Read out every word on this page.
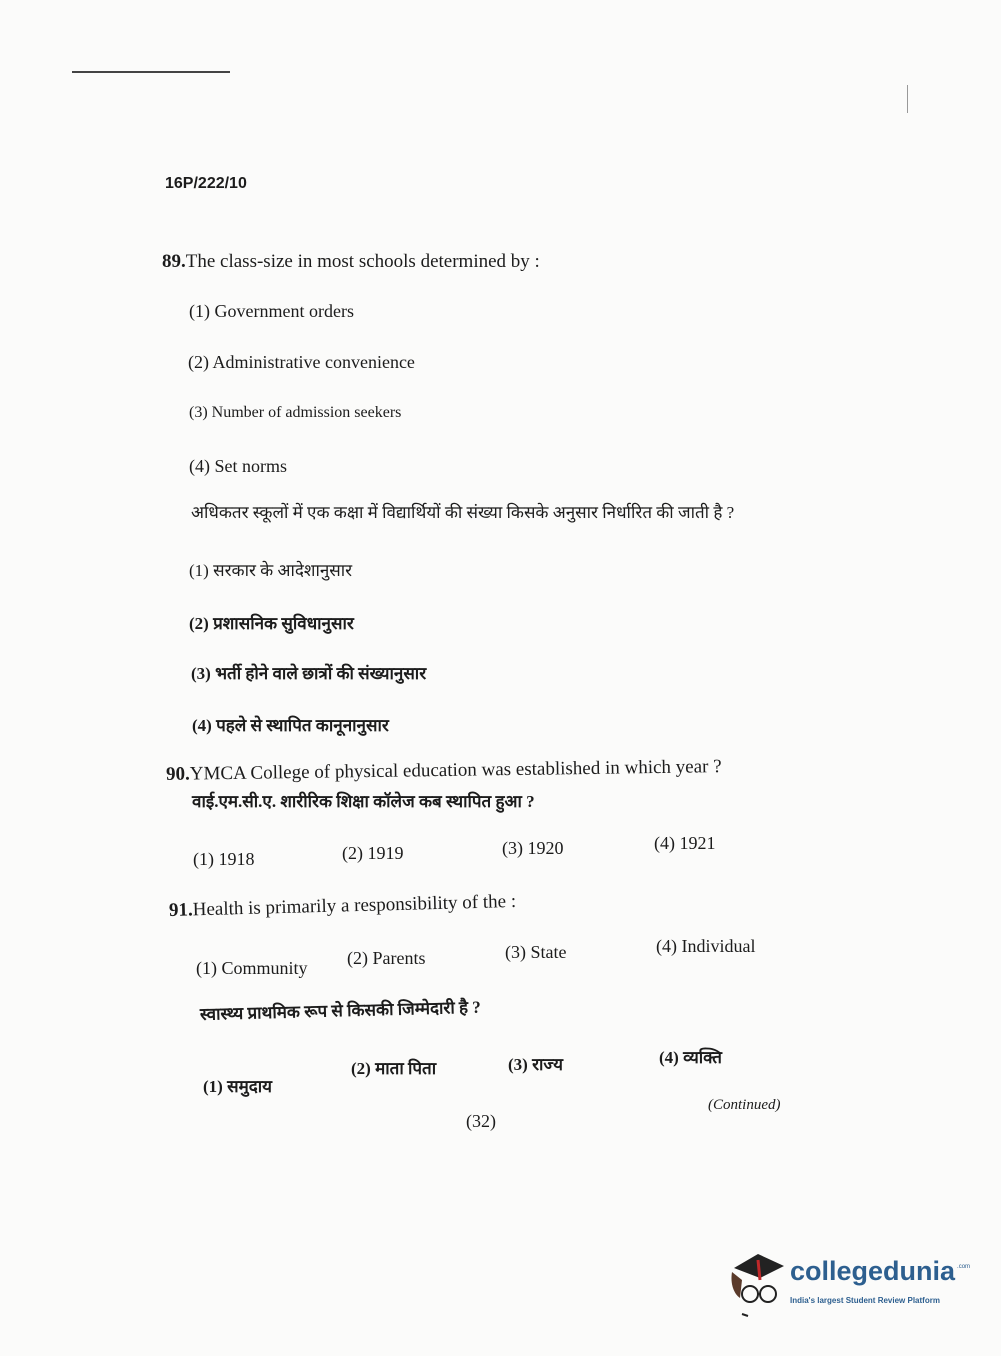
16P/222/10
89.The class-size in most schools determined by :
(1) Government orders
(2) Administrative convenience
(3) Number of admission seekers
(4) Set norms
अधिकतर स्कूलों में एक कक्षा में विद्यार्थियों की संख्या किसके अनुसार निर्धारित की जाती है ?
(1) सरकार के आदेशानुसार
(2) प्रशासनिक सुविधानुसार
(3) भर्ती होने वाले छात्रों की संख्यानुसार
(4) पहले से स्थापित कानूनानुसार
90.YMCA College of physical education was established in which year ?
वाई.एम.सी.ए. शारीरिक शिक्षा कॉलेज कब स्थापित हुआ ?
(1) 1918	(2) 1919	(3) 1920	(4) 1921
91.Health is primarily a responsibility of the :
(1) Community	(2) Parents	(3) State	(4) Individual
स्वास्थ्य प्राथमिक रूप से किसकी जिम्मेदारी है ?
(1) समुदाय
(2) माता पिता	(3) राज्य	(4) व्यक्ति
(Continued)
(32)
collegedunia .com
India's largest Student Review Platform
